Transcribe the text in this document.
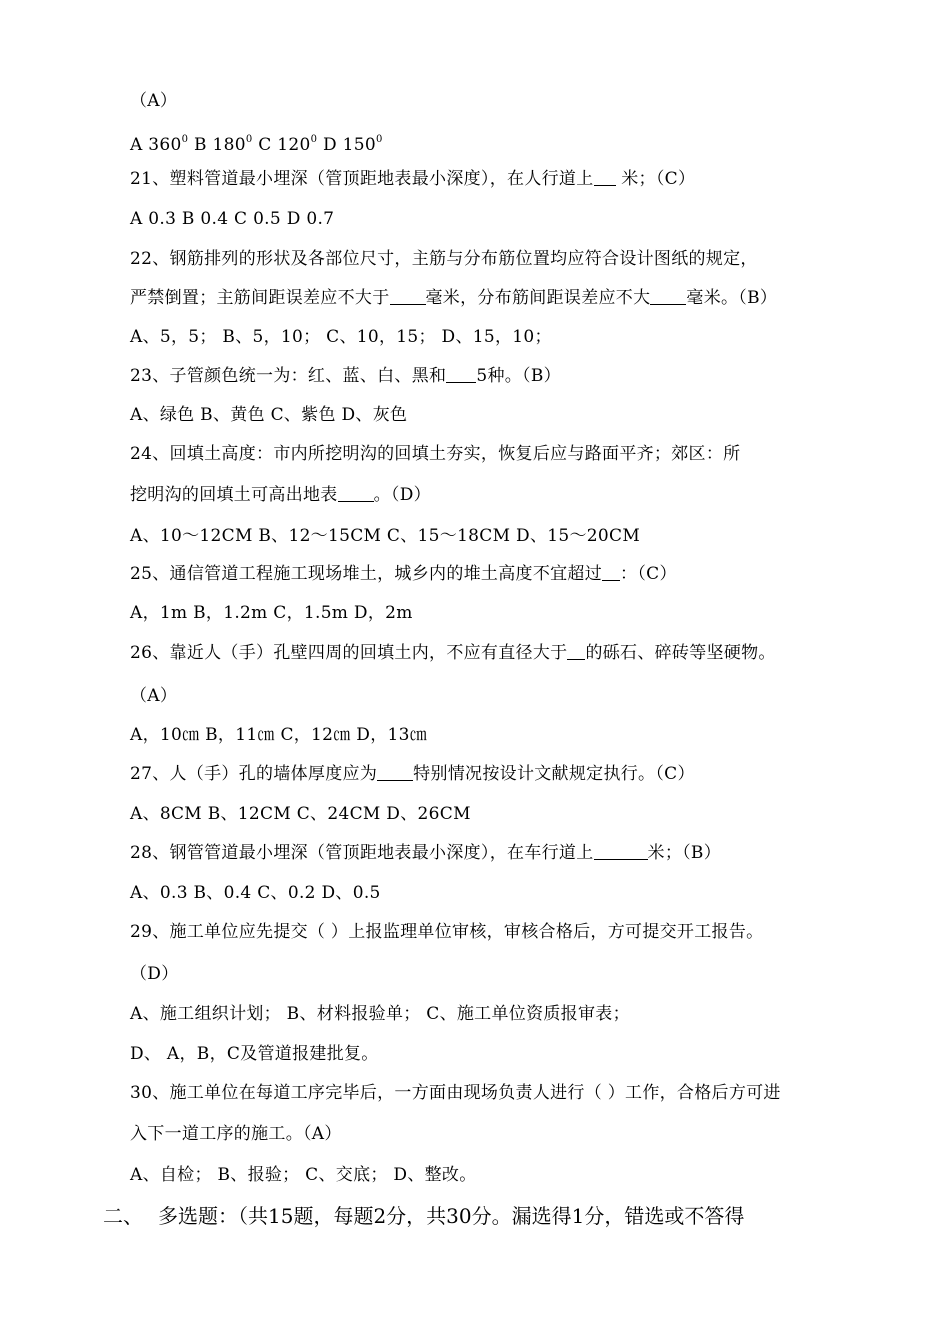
（A）
A $360^0$ B $180^0$ C $120^0$ D $150^0$
21、塑料管道最小埋深（管顶距地表最小深度），在人行道上 米；（C）
A 0.3 B 0.4 C 0.5 D 0.7
22、钢筋排列的形状及各部位尺寸，主筋与分布筋位置均应符合设计图纸的规定，
严禁倒置；主筋间距误差应不大于 毫米，分布筋间距误差应不大 毫米。（B）
A、5，5； B、5，10； C、10，15； D、15，10；
23、子管颜色统一为：红、蓝、白、黑和 5种。（B）
A、绿色 B、黄色 C、紫色 D、灰色
24、回填土高度：市内所挖明沟的回填土夯实，恢复后应与路面平齐；郊区：所
挖明沟的回填土可高出地表 。（D）
A、10～12CM B、12～15CM C、15～18CM D、15～20CM
25、通信管道工程施工现场堆土，城乡内的堆土高度不宜超过 ：（C）
A，1m B，1.2m C，1.5m D，2m
26、靠近人（手）孔壁四周的回填土内，不应有直径大于 的砾石、碎砖等坚硬物。
（A）
A，10㎝ B，11㎝ C，12㎝ D，13㎝
27、人（手）孔的墙体厚度应为 特别情况按设计文献规定执行。（C）
A、8CM B、12CM C、24CM D、26CM
28、钢管管道最小埋深（管顶距地表最小深度），在车行道上	米；（B）
A、0.3 B、0.4 C、0.2 D、0.5
29、施工单位应先提交（ ）上报监理单位审核，审核合格后，方可提交开工报告。
（D）
A、施工组织计划； B、材料报验单； C、施工单位资质报审表；
D、 A，B，C及管道报建批复。
30、施工单位在每道工序完毕后，一方面由现场负责人进行（ ）工作，合格后方可进
入下一道工序的施工。（A）
A、自检； B、报验； C、交底； D、整改。
二、 多选题：（共15题，每题2分，共30分。漏选得1分，错选或不答得
